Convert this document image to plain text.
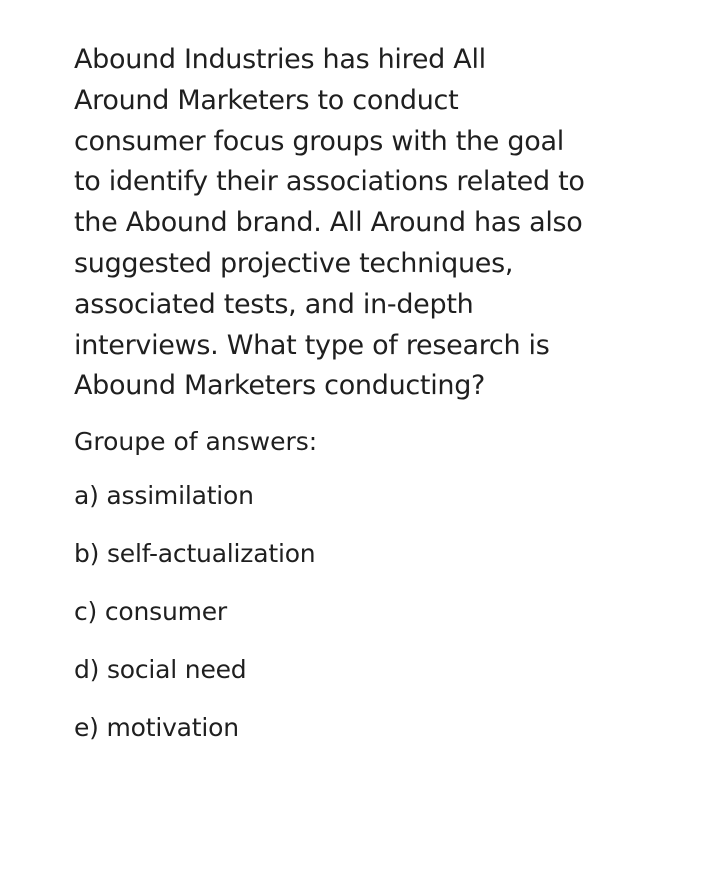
Abound Industries has hired All
Around Marketers to conduct
consumer focus groups with the goal
to identify their associations related to
the Abound brand. All Around has also
suggested projective techniques,
associated tests, and in-depth
interviews. What type of research is
Abound Marketers conducting?

Groupe of answers:
a) assimilation
b) self-actualization
c) consumer
d) social need
e) motivation
